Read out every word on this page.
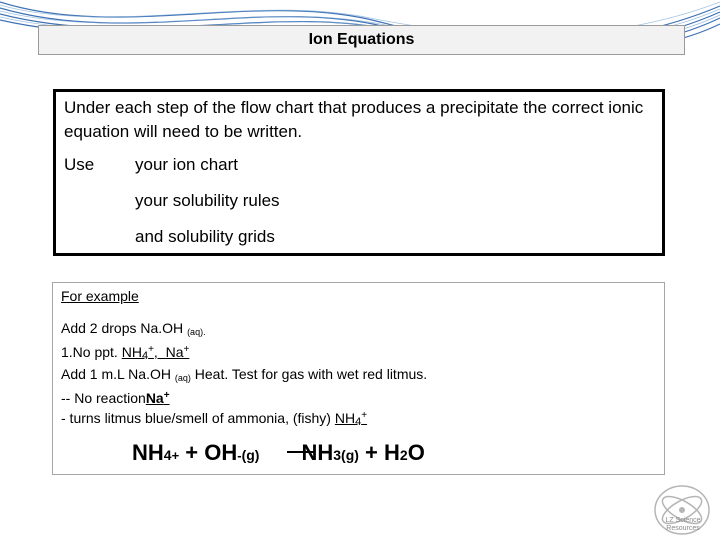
Ion Equations

Under each step of the flow chart that produces a precipitate the correct ionic equation will need to be written.

Use	your ion chart
your solubility rules
and solubility grids
For example
Add 2 drops Na.OH (aq).
1.No ppt. NH4+,  Na+
Add 1 m.L Na.OH (aq) Heat. Test for gas with wet red litmus.
-- No reactionNa+
- turns litmus blue/smell of ammonia, (fishy) NH4+
NH 4 + + OH - (g) NH 3(g) + H 2 O
LZ Science Resources
